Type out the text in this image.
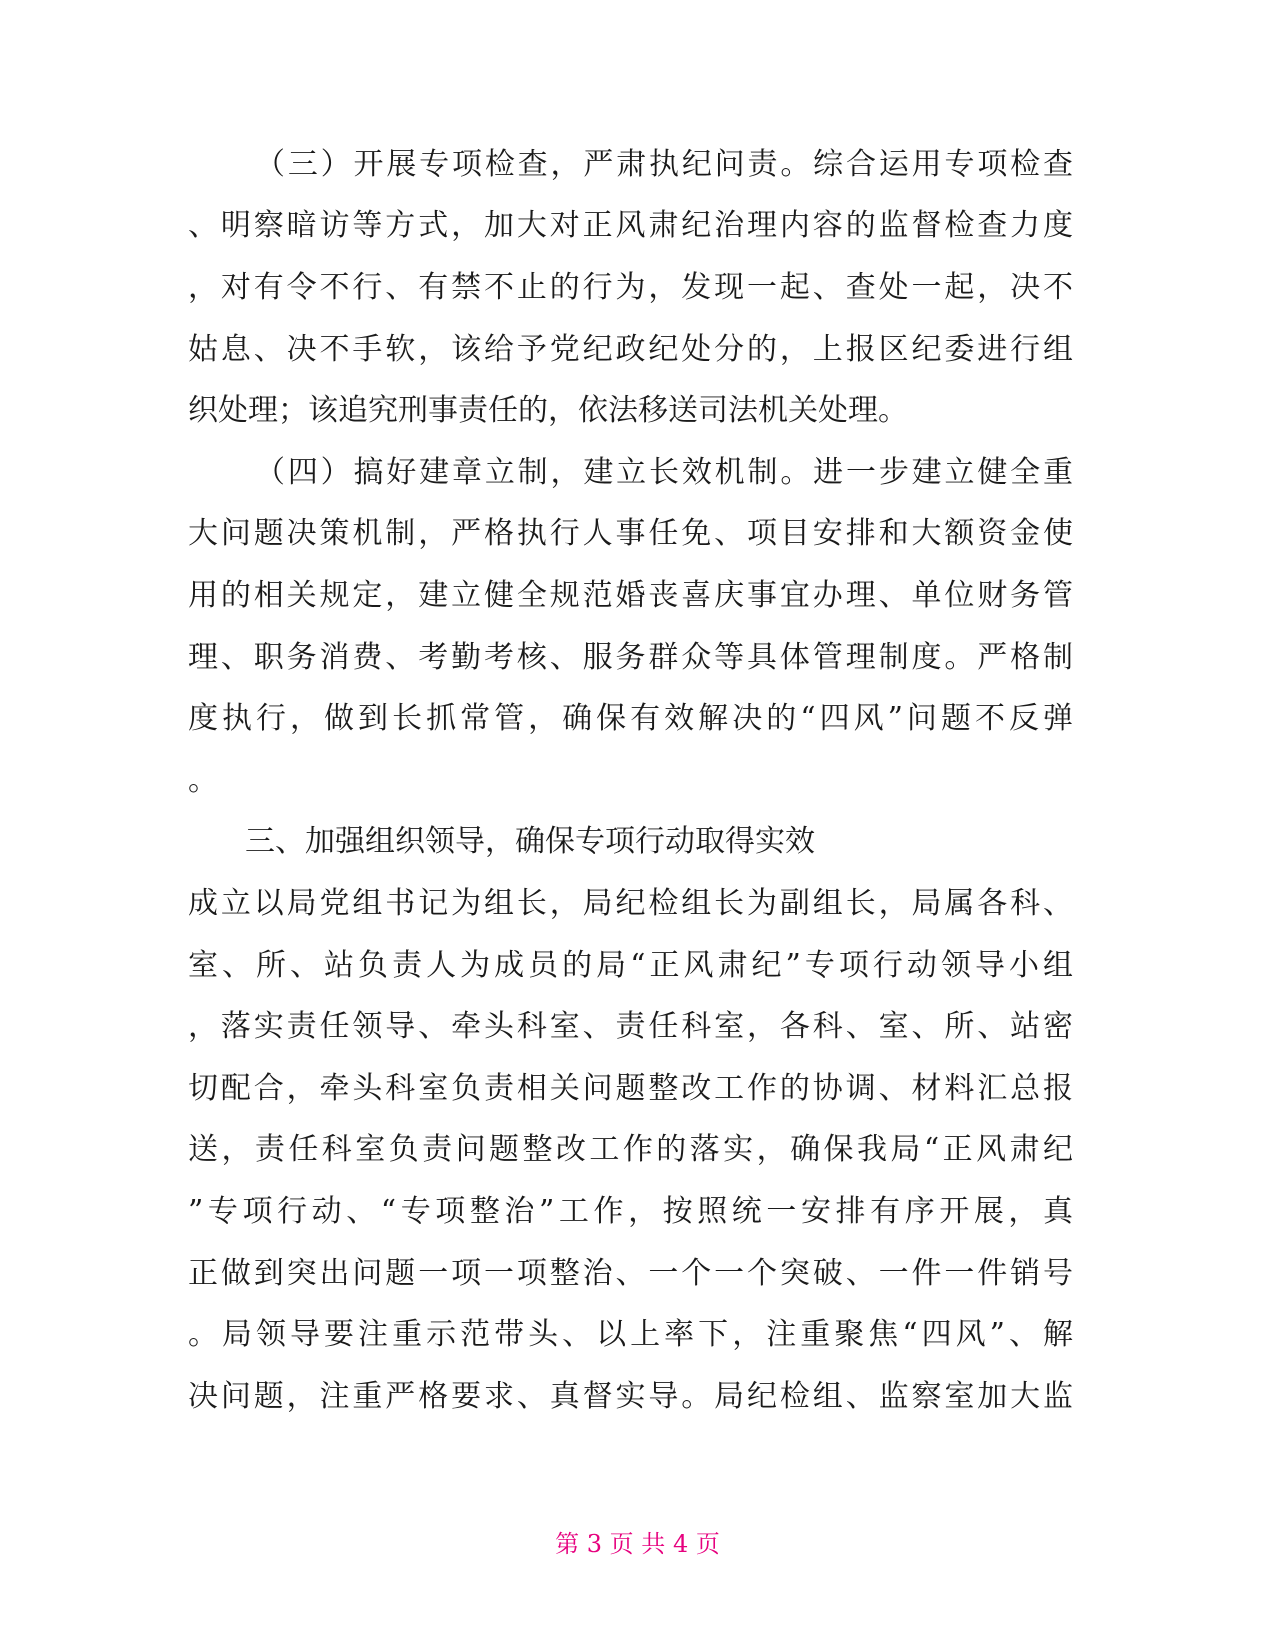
（三）开展专项检查，严肃执纪问责。综合运用专项检查
、明察暗访等方式，加大对正风肃纪治理内容的监督检查力度
，对有令不行、有禁不止的行为，发现一起、查处一起，决不
姑息、决不手软，该给予党纪政纪处分的，上报区纪委进行组
织处理；该追究刑事责任的，依法移送司法机关处理。
（四）搞好建章立制，建立长效机制。进一步建立健全重
大问题决策机制，严格执行人事任免、项目安排和大额资金使
用的相关规定，建立健全规范婚丧喜庆事宜办理、单位财务管
理、职务消费、考勤考核、服务群众等具体管理制度。严格制
度执行，做到长抓常管，确保有效解决的“四风”问题不反弹
。
三、加强组织领导，确保专项行动取得实效
成立以局党组书记为组长，局纪检组长为副组长，局属各科、
室、所、站负责人为成员的局“正风肃纪”专项行动领导小组
，落实责任领导、牵头科室、责任科室，各科、室、所、站密
切配合，牵头科室负责相关问题整改工作的协调、材料汇总报
送，责任科室负责问题整改工作的落实，确保我局“正风肃纪
”专项行动、“专项整治”工作，按照统一安排有序开展，真
正做到突出问题一项一项整治、一个一个突破、一件一件销号
。局领导要注重示范带头、以上率下，注重聚焦“四风”、解
决问题，注重严格要求、真督实导。局纪检组、监察室加大监
第 3 页 共 4 页
